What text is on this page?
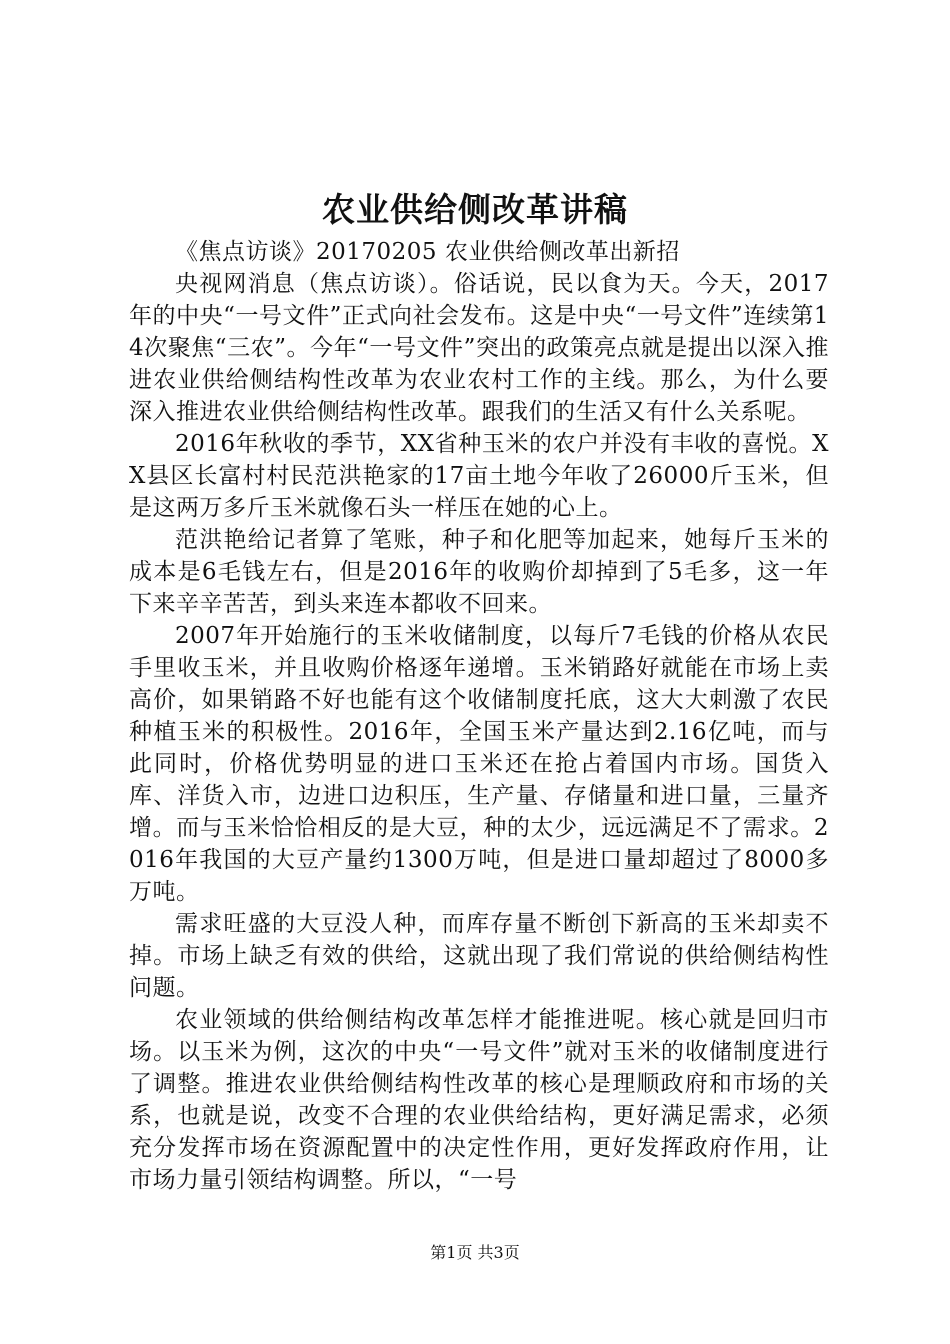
农业供给侧改革讲稿

《焦点访谈》20170205 农业供给侧改革出新招

央视网消息（焦点访谈）。俗话说，民以食为天。今天，2017年的中央“一号文件”正式向社会发布。这是中央“一号文件”连续第14次聚焦“三农”。今年“一号文件”突出的政策亮点就是提出以深入推进农业供给侧结构性改革为农业农村工作的主线。那么，为什么要深入推进农业供给侧结构性改革。跟我们的生活又有什么关系呢。

2016年秋收的季节，XX省种玉米的农户并没有丰收的喜悦。XX县区长富村村民范洪艳家的17亩土地今年收了26000斤玉米，但是这两万多斤玉米就像石头一样压在她的心上。

范洪艳给记者算了笔账，种子和化肥等加起来，她每斤玉米的成本是6毛钱左右，但是2016年的收购价却掉到了5毛多，这一年下来辛辛苦苦，到头来连本都收不回来。

2007年开始施行的玉米收储制度，以每斤7毛钱的价格从农民手里收玉米，并且收购价格逐年递增。玉米销路好就能在市场上卖高价，如果销路不好也能有这个收储制度托底，这大大刺激了农民种植玉米的积极性。2016年，全国玉米产量达到2.16亿吨，而与此同时，价格优势明显的进口玉米还在抢占着国内市场。国货入库、洋货入市，边进口边积压，生产量、存储量和进口量，三量齐增。而与玉米恰恰相反的是大豆，种的太少，远远满足不了需求。2016年我国的大豆产量约1300万吨，但是进口量却超过了8000多万吨。

需求旺盛的大豆没人种，而库存量不断创下新高的玉米却卖不掉。市场上缺乏有效的供给，这就出现了我们常说的供给侧结构性问题。

农业领域的供给侧结构改革怎样才能推进呢。核心就是回归市场。以玉米为例，这次的中央“一号文件”就对玉米的收储制度进行了调整。推进农业供给侧结构性改革的核心是理顺政府和市场的关系，也就是说，改变不合理的农业供给结构，更好满足需求，必须充分发挥市场在资源配置中的决定性作用，更好发挥政府作用，让市场力量引领结构调整。所以，“一号

第1页 共3页
